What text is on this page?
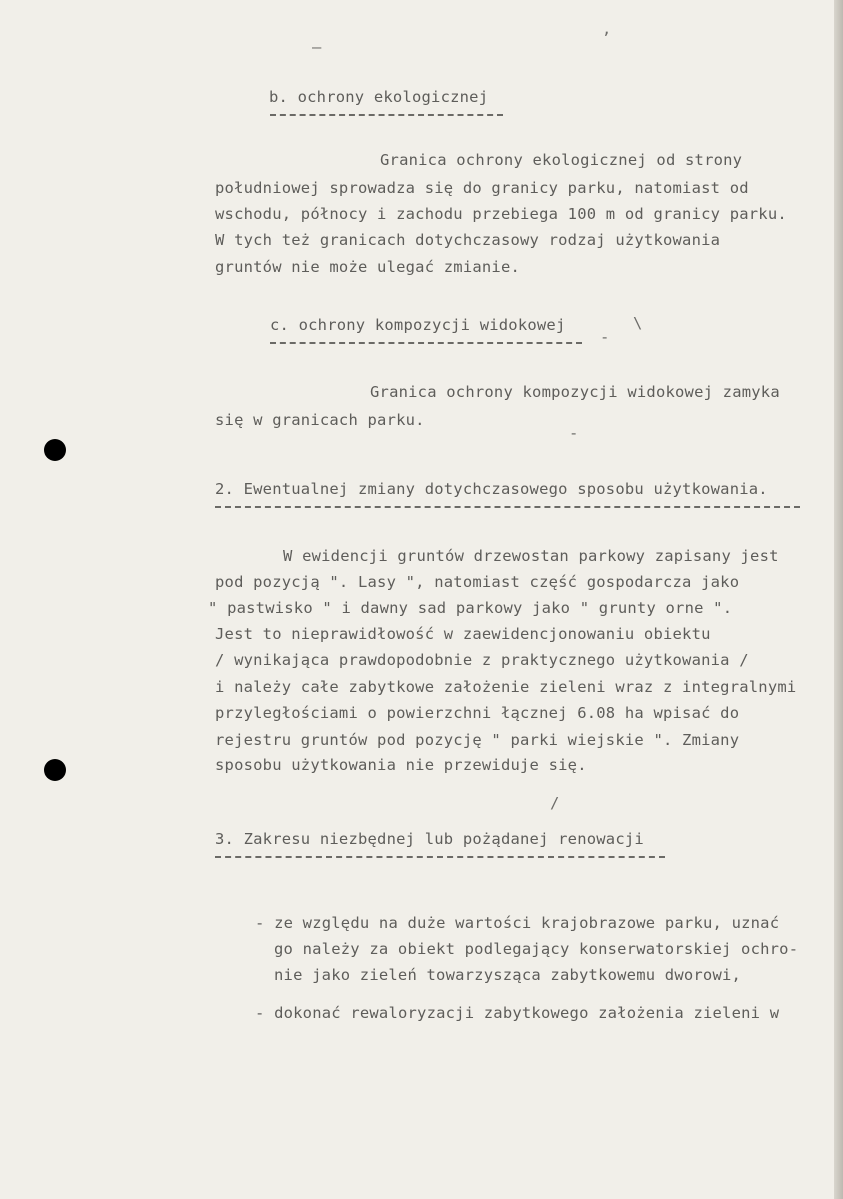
–
,
\
-
-
/
b. ochrony ekologicznej
Granica ochrony ekologicznej od strony
południowej sprowadza się do granicy parku, natomiast od
wschodu, północy i zachodu przebiega 100 m od granicy parku.
W tych też granicach dotychczasowy rodzaj użytkowania
gruntów nie może ulegać zmianie.
c. ochrony kompozycji widokowej
Granica ochrony kompozycji widokowej zamyka
się w granicach parku.
2. Ewentualnej zmiany dotychczasowego sposobu użytkowania.
W ewidencji gruntów drzewostan parkowy zapisany jest
pod pozycją ". Lasy ", natomiast część gospodarcza jako
" pastwisko " i dawny sad parkowy jako " grunty orne ".
Jest to nieprawidłowość w zaewidencjonowaniu obiektu
/ wynikająca prawdopodobnie z praktycznego użytkowania /
i należy całe zabytkowe założenie zieleni wraz z integralnymi
przyległościami o powierzchni łącznej 6.08 ha wpisać do
rejestru gruntów pod pozycję " parki wiejskie ". Zmiany
sposobu użytkowania nie przewiduje się.
3. Zakresu niezbędnej lub pożądanej renowacji
- ze względu na duże wartości krajobrazowe parku, uznać
go należy za obiekt podlegający konserwatorskiej ochro-
nie jako zieleń towarzysząca zabytkowemu dworowi,
- dokonać rewaloryzacji zabytkowego założenia zieleni w
